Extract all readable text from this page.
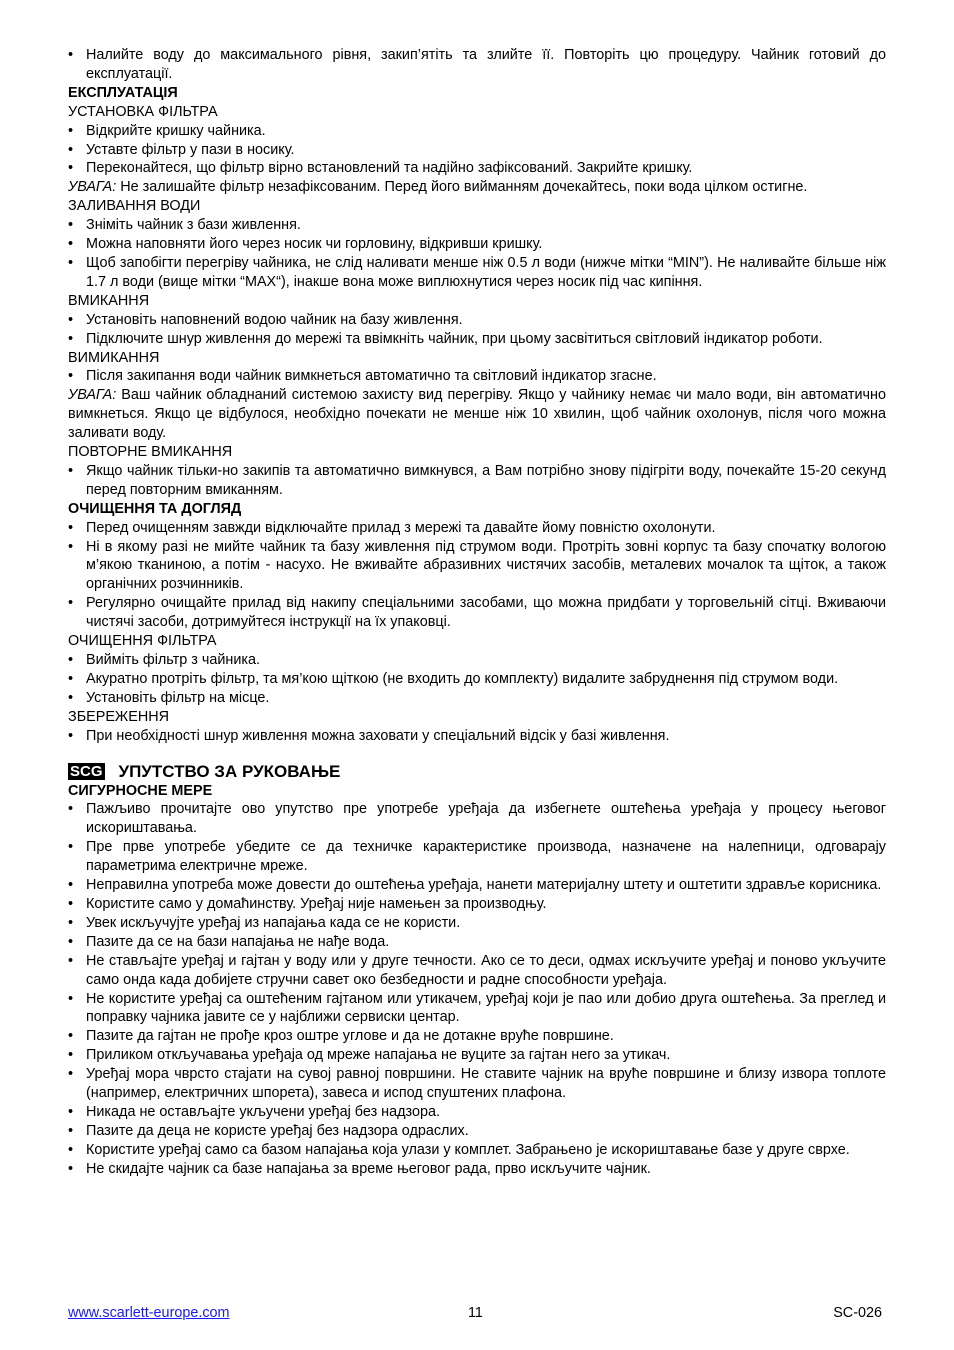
• Налийте воду до максимального рівня, закип’ятіть та злийте її. Повторіть цю процедуру. Чайник готовий до експлуатації.
ЕКСПЛУАТАЦІЯ
УСТАНОВКА ФІЛЬТРА
• Відкрийте кришку чайника.
• Уставте фільтр у пази в носику.
• Переконайтеся, що фільтр вірно встановлений та надійно зафіксований. Закрийте кришку.
УВАГА: Не залишайте фільтр незафіксованим. Перед його вийманням дочекайтесь, поки вода цілком остигне.
ЗАЛИВАННЯ ВОДИ
• Зніміть чайник з бази живлення.
• Можна наповняти його через носик чи горловину, відкривши кришку.
• Щоб запобігти перегріву чайника, не слід наливати менше ніж 0.5 л води (нижче мітки “MIN”). Не наливайте більше ніж 1.7 л води (вище мітки “MAX“), інакше вона може виплюхнутися через носик під час кипіння.
ВМИКАННЯ
• Установіть наповнений водою чайник на базу живлення.
• Підключите шнур живлення до мережі та ввімкніть чайник, при цьому засвітиться світловий індикатор роботи.
ВИМИКАННЯ
• Після закипання води чайник вимкнеться автоматично та світловий індикатор згасне.
УВАГА: Ваш чайник обладнаний системою захисту вид перегріву. Якщо у чайнику немає чи мало води, він автоматично вимкнеться. Якщо це відбулося, необхідно почекати не менше ніж 10 хвилин, щоб чайник охолонув, після чого можна заливати воду.
ПОВТОРНЕ ВМИКАННЯ
• Якщо чайник тільки-но закипів та автоматично вимкнувся, а Вам потрібно знову підігріти воду, почекайте 15-20 секунд перед повторним вмиканням.
ОЧИЩЕННЯ ТА ДОГЛЯД
• Перед очищенням завжди відключайте прилад з мережі та давайте йому повністю охолонути.
• Ні в якому разі не мийте чайник та базу живлення під струмом води. Протріть зовні корпус та базу спочатку вологою м’якою тканиною, а потім - насухо. Не вживайте абразивних чистячих засобів, металевих мочалок та щіток, а також органічних розчинників.
• Регулярно очищайте прилад від накипу спеціальними засобами, що можна придбати у торговельній сітці. Вживаючи чистячі засоби, дотримуйтеся інструкції на їх упаковці.
ОЧИЩЕННЯ ФІЛЬТРА
• Вийміть фільтр з чайника.
• Акуратно протріть фільтр, та мя’кою щіткою (не входить до комплекту) видалите забруднення під струмом води.
• Установіть фільтр на місце.
ЗБЕРЕЖЕННЯ
• При необхідності шнур живлення можна заховати у спеціальний відсік у базі живлення.
SCG УПУТСТВО ЗА РУКОВАЊЕ
СИГУРНОСНЕ МЕРЕ
• Пажљиво прочитајте ово упутство пре употребе уређаја да избегнете оштећења уређаја у процесу његовог искориштавања.
• Пре прве употребе убедите се да техничке карактеристике производа, назначене на налепници, одговарају параметрима електричне мреже.
• Неправилна употреба може довести до оштећења уређаја, нанети материјалну штету и оштетити здравље корисника.
• Користите само у домаћинству. Уређај није намењен за производњу.
• Увек искључујте уређај из напајања када се не користи.
• Пазите да се на бази напајања не нађе вода.
• Не стављајте уређај и гајтан у воду или у друге течности. Ако се то деси, одмах искључите уређај и поново укључите само онда када добијете стручни савет око безбедности и радне способности уређаја.
• Не користите уређај са оштећеним гајтаном или утикачем, уређај који је пао или добио друга оштећења. За преглед и поправку чајника јавите се у најближи сервиски центар.
• Пазите да гајтан не прође кроз оштре углове и да не дотакне вруће површине.
• Приликом откључавања уређаја од мреже напајања не вуците за гајтан него за утикач.
• Уређај мора чврсто стајати на сувој равној површини. Не ставите чајник на вруће површине и близу извора топлоте (например, електричних шпорета), завеса и испод спуштених плафона.
• Никада не остављајте укључени уређај без надзора.
• Пазите да деца не користе уређај без надзора одраслих.
• Користите уређај само са базом напајања која улази у комплет. Забрањено је искориштавање базе у друге сврхе.
• Не скидајте чајник са базе напајања за време његовог рада, прво искључите чајник.
www.scarlett-europe.com	11	SC-026
